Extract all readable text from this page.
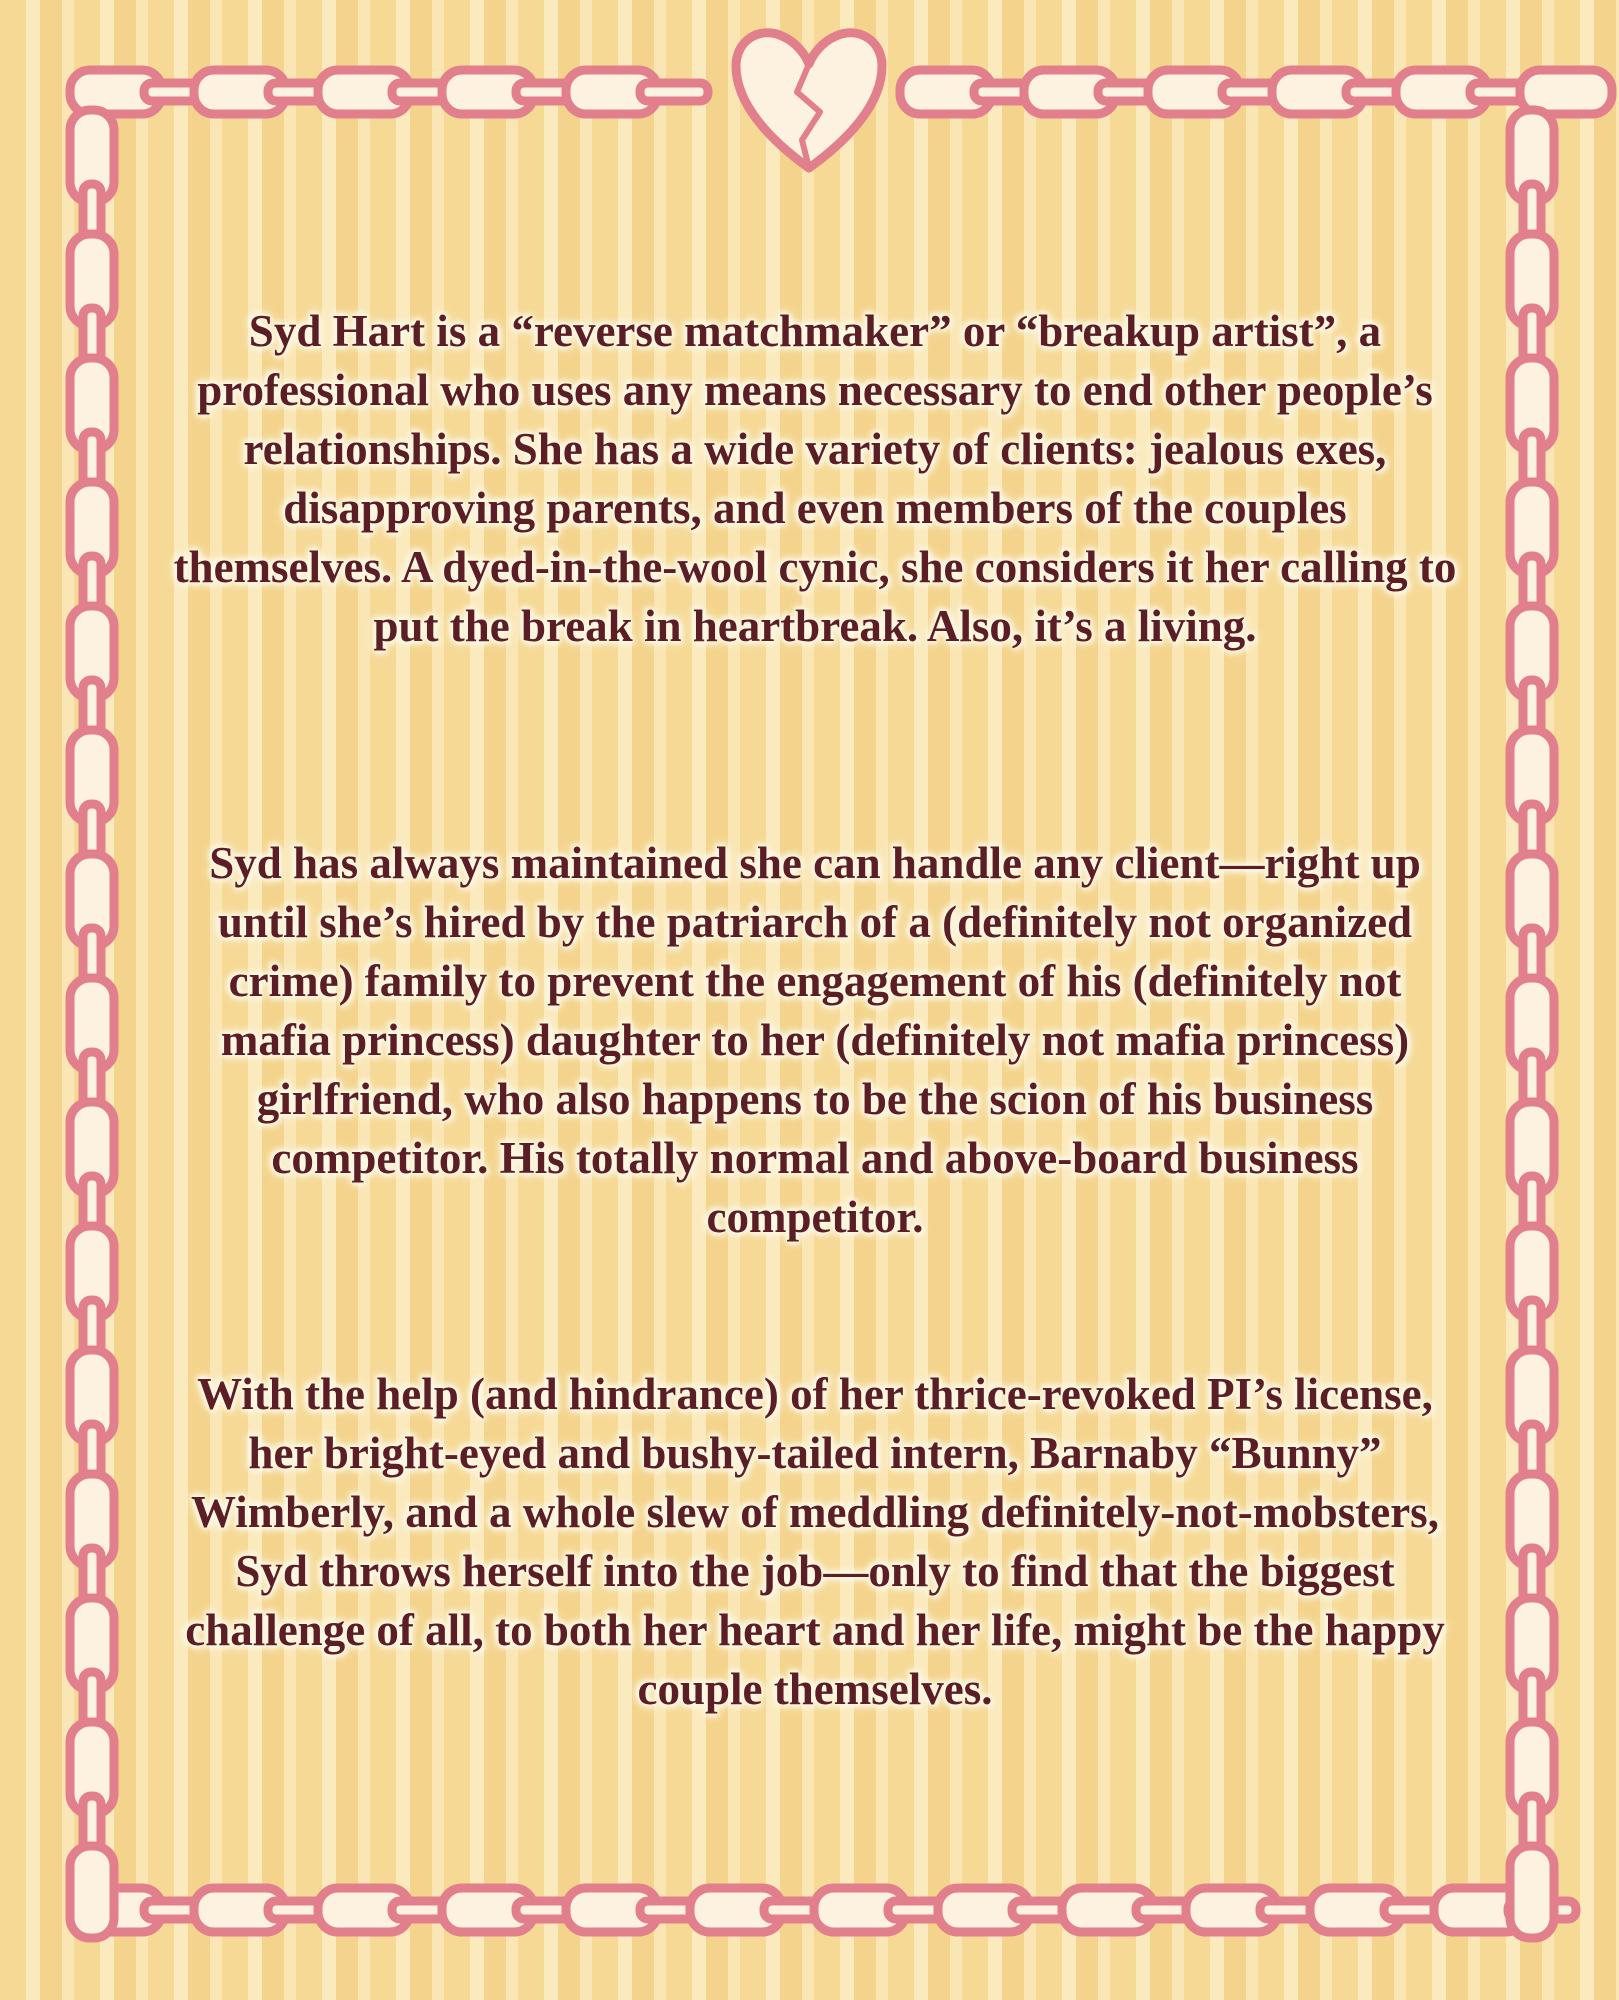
Syd Hart is a “reverse matchmaker” or “breakup artist”, a professional who uses any means necessary to end other people’s relationships. She has a wide variety of clients: jealous exes, disapproving parents, and even members of the couples themselves. A dyed-in-the-wool cynic, she considers it her calling to put the break in heartbreak. Also, it’s a living.

Syd has always maintained she can handle any client—right up until she’s hired by the patriarch of a (definitely not organized crime) family to prevent the engagement of his (definitely not mafia princess) daughter to her (definitely not mafia princess) girlfriend, who also happens to be the scion of his business competitor. His totally normal and above-board business competitor.

With the help (and hindrance) of her thrice-revoked PI’s license, her bright-eyed and bushy-tailed intern, Barnaby “Bunny” Wimberly, and a whole slew of meddling definitely-not-mobsters, Syd throws herself into the job—only to find that the biggest challenge of all, to both her heart and her life, might be the happy couple themselves.
